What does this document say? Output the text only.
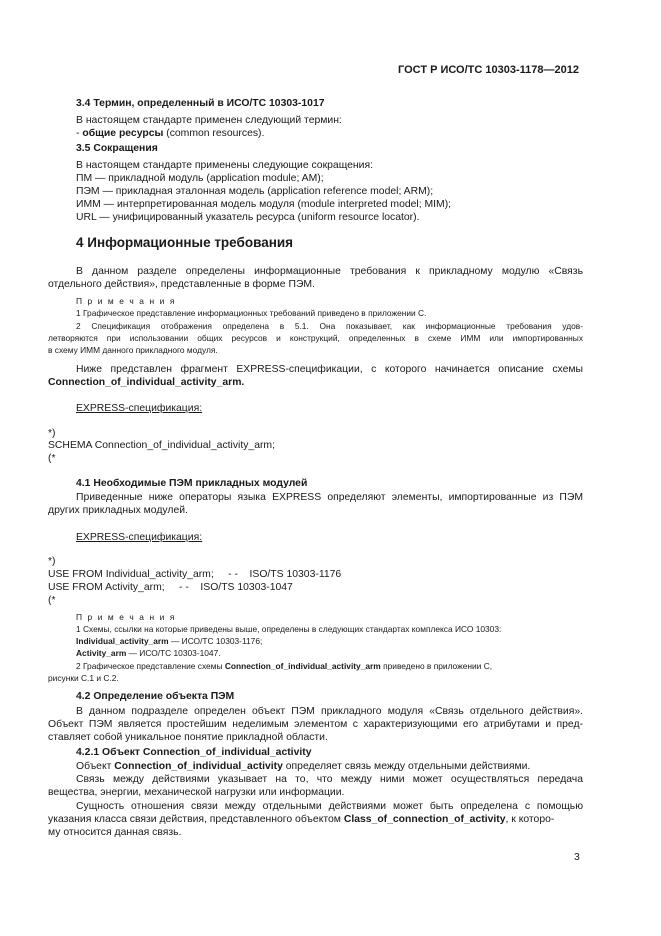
ГОСТ Р ИСО/ТС 10303-1178—2012
3.4 Термин, определенный в ИСО/ТС 10303-1017
В настоящем стандарте применен следующий термин:
- общие ресурсы (common resources).
3.5 Сокращения
В настоящем стандарте применены следующие сокращения:
ПМ — прикладной модуль (application module; AM);
ПЭМ — прикладная эталонная модель (application reference model; ARM);
ИММ — интерпретированная модель модуля (module interpreted model; MIM);
URL — унифицированный указатель ресурса (uniform resource locator).
4 Информационные требования
В данном разделе определены информационные требования к прикладному модулю «Связь
отдельного действия», представленные в форме ПЭМ.
П р и м е ч а н и я
1 Графическое представление информационных требований приведено в приложении С.
2 Спецификация отображения определена в 5.1. Она показывает, как информационные требования удов-
летворяются при использовании общих ресурсов и конструкций, определенных в схеме ИММ или импортированных
в схему ИММ данного прикладного модуля.
Ниже представлен фрагмент EXPRESS-спецификации, с которого начинается описание схемы
Connection_of_individual_activity_arm.
EXPRESS-спецификация:
*)
SCHEMA Connection_of_individual_activity_arm;
(*
4.1 Необходимые ПЭМ прикладных модулей
Приведенные ниже операторы языка EXPRESS определяют элементы, импортированные из ПЭМ
других прикладных модулей.
EXPRESS-спецификация:
*)
USE FROM Individual_activity_arm;     - -    ISO/TS 10303-1176
USE FROM Activity_arm;     - -    ISO/TS 10303-1047
(*
П р и м е ч а н и я
1 Схемы, ссылки на которые приведены выше, определены в следующих стандартах комплекса ИСО 10303:
Individual_activity_arm — ИСО/ТС 10303-1176;
Activity_arm — ИСО/ТС 10303-1047.
2 Графическое представление схемы Connection_of_individual_activity_arm приведено в приложении С,
рисунки С.1 и С.2.
4.2 Определение объекта ПЭМ
В данном подразделе определен объект ПЭМ прикладного модуля «Связь отдельного действия».
Объект ПЭМ является простейшим неделимым элементом с характеризующими его атрибутами и пред-
ставляет собой уникальное понятие прикладной области.
4.2.1 Объект Connection_of_individual_activity
Объект Connection_of_individual_activity определяет связь между отдельными действиями.
Связь между действиями указывает на то, что между ними может осуществляться передача
вещества, энергии, механической нагрузки или информации.
Сущность отношения связи между отдельными действиями может быть определена с помощью
указания класса связи действия, представленного объектом Class_of_connection_of_activity, к которо-
му относится данная связь.
3
